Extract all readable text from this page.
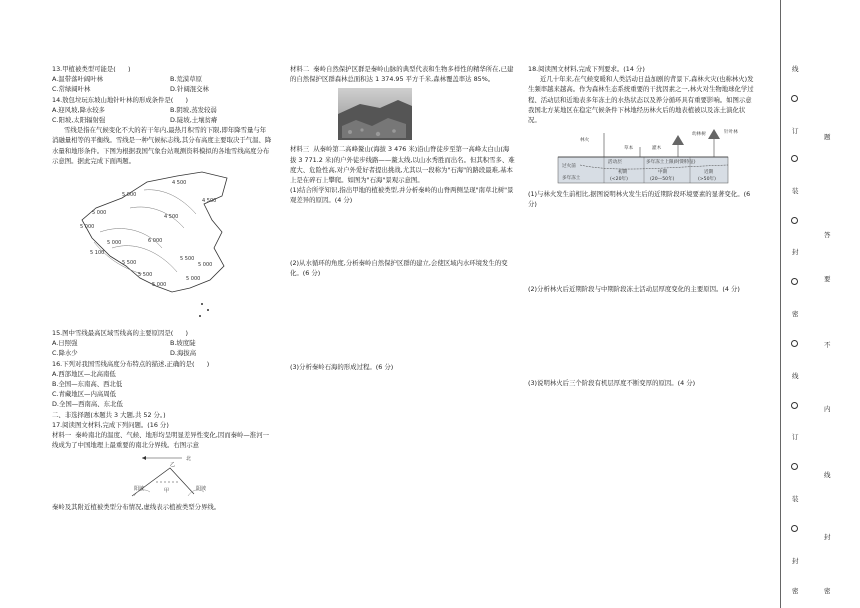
13.甲植被类型可能是(      )

A.温带落叶阔叶林	B.荒漠草原

C.常绿阔叶林	D.针阔混交林

14.敖包垃玩东坡山地针叶林的形成条件是(      )

A.迎风坡,降水较多	B.阴坡,蒸发较弱

C.阳坡,太阳辐射强	D.陡坡,土壤贫瘠

雪线是指在气候变化不大的若干年内,最热月积雪的下限,即年降雪量与年消融量相等的平衡线。雪线是一种气候标志线,其分布高度主要取决于气温、降水量和地形条件。下图为根据我国气象台站观测资料模拟的各地雪线高度分布示意图。据此完成下面两题。

4 500
5 000
4 500
5 000
4 500
5 000
5 000	6 000
5 500
5 500	5 000
5 100
5 000
5 000
5 500

15.图中雪线最高区域雪线高的主要原因是(      )

A.日照强	B.坡度陡

C.降水少	D.海拔高

16.下列对我国雪线高度分布特点的描述,正确的是(      )

A.西部地区—北高南低

B.全国—东南高、西北低

C.青藏地区—内高周低

D.全国—西南高、东北低

二、非选择题(本题共 3 大题,共 52 分。)

17.阅读图文材料,完成下列问题。(16 分)

材料一  秦岭南北的温度、气候、地形均呈明显差异性变化,因而秦岭—淮河一线成为了中国地理上最重要的南北分界线。右图示意

北
甲
乙
阳坡	阴坡

秦岭及其附近植被类型分布情况,虚线表示植被类型分界线。

材料二  秦岭自然保护区群是秦岭山脉的典型代表和生物多样性的精华所在,已建的自然保护区群森林总面积达 1 374.95 平方千米,森林覆盖率达 85%。

材料三  从秦岭第二高峰鳌山(海拔 3 476 米)沿山脊徒步至第一高峰太白山(海拔 3 771.2 米)的户外徒步线路——鳌太线,以山水秀胜而出名。但其积雪多、难度大、危险性高,对户外爱好者提出挑战,尤其以一段称为"石海"的路段最难,基本上是在碎石上攀爬。如图为"石海"景观示意图。

(1)结合所学知识,指出甲地的植被类型,并分析秦岭的山脊两侧呈现"南草北树"景观差异的原因。(4 分)

(2)从水循环的角度,分析秦岭自然保护区群的建立,会使区域内水环境发生的变化。(6 分)

(3)分析秦岭石海的形成过程。(6 分)

18.阅读图文材料,完成下列要求。(14 分)

近几十年来,在气候变暖和人类活动日益加剧的背景下,森林火灾(也称林火)发生频率越来越高。作为森林生态系统重要的干扰因素之一,林火对生物地球化学过程、活动层和近地表多年冻土的水热状态以及养分循环具有重要影响。如图示意我国北方某地区在稳定气候条件下林地经历林火后的地表植被以及冻土演化状况。

林火
草本	灌木
幼林树	针叶林
活动层	多年冻土上限(时期特征)
过火前
初期	中期	近期
(<20年)	(20—50年)	(>50年)
多年冻土

(1)与林火发生前相比,据图说明林火发生后的近期阶段环境要素的显著变化。(6 分)

(2)分析林火后近期阶段与中期阶段冻土活动层厚度变化的主要原因。(4 分)

(3)说明林火后三个阶段有机层厚度不断变厚的原因。(4 分)

线
订
装
封
密
线
订
装
封
密
题
答
要
不
内
线
封
密
